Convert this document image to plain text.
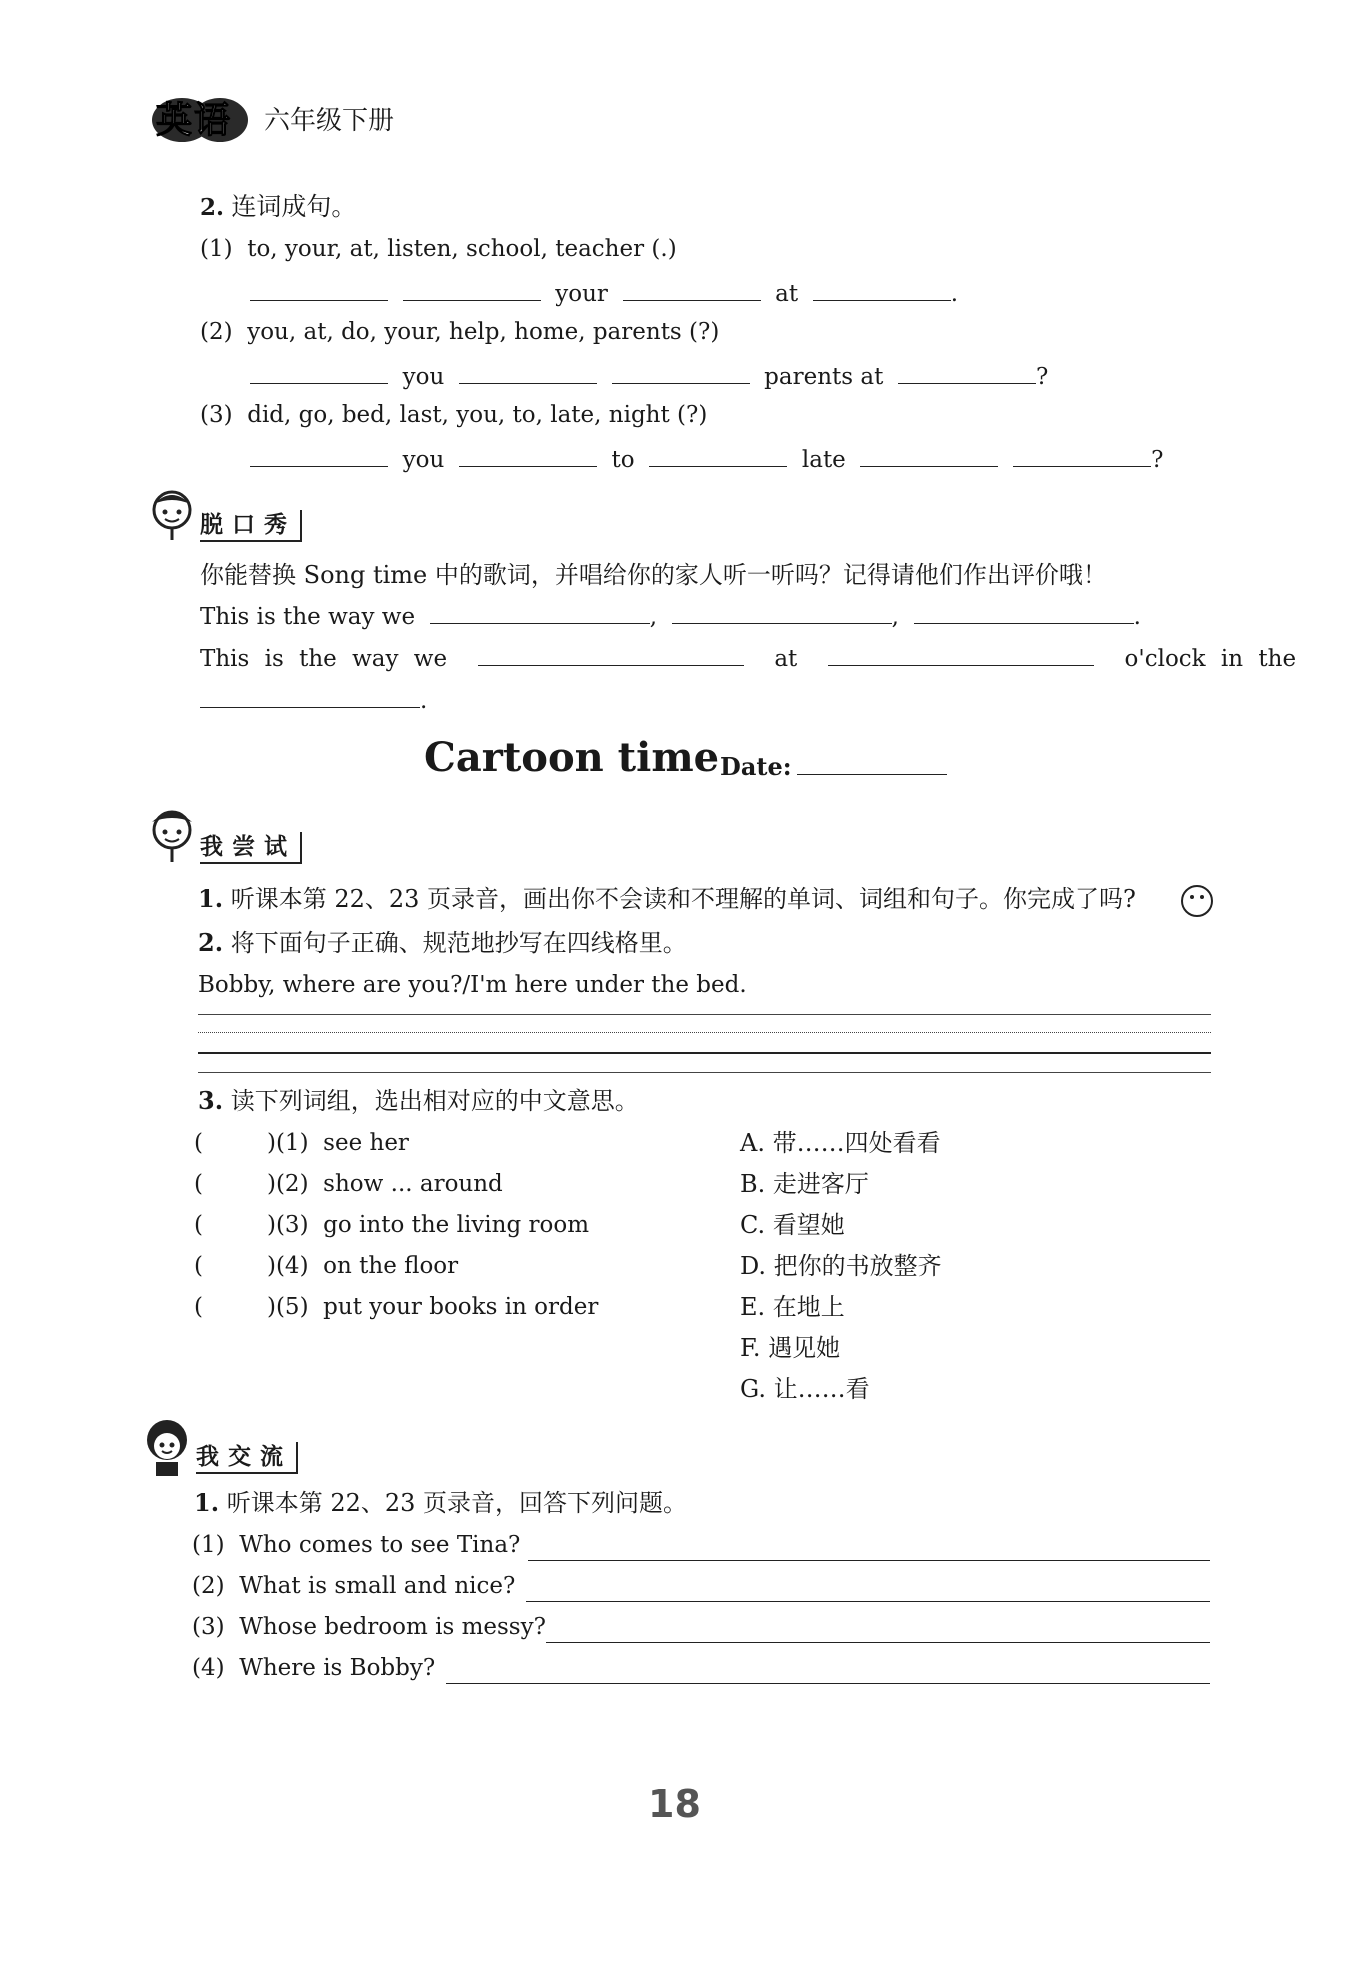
英语 六年级下册
2. 连词成句。
(1) to, your, at, listen, school, teacher (.)
your	at	.
(2) you, at, do, your, help, home, parents (?)
you	parents at	?
(3) did, go, bed, last, you, to, late, night (?)
you	to	late	?
脱口秀
你能替换 Song time 中的歌词，并唱给你的家人听一听吗？记得请他们作出评价哦！
This is the way we	,	,	.
This is the way we	at	o'clock in the
.
Cartoon time Date:
我尝试
1. 听课本第 22、23 页录音，画出你不会读和不理解的单词、词组和句子。你完成了吗?
2. 将下面句子正确、规范地抄写在四线格里。
Bobby, where are you?/I'm here under the bed.
3. 读下列词组，选出相对应的中文意思。
(	)(1) see her
(	)(2) show ... around
(	)(3) go into the living room
(	)(4) on the floor
(	)(5) put your books in order
A. 带……四处看看
B. 走进客厅
C. 看望她
D. 把你的书放整齐
E. 在地上
F. 遇见她
G. 让……看
我交流
1. 听课本第 22、23 页录音，回答下列问题。
(1) Who comes to see Tina?
(2) What is small and nice?
(3) Whose bedroom is messy?
(4) Where is Bobby?
18
